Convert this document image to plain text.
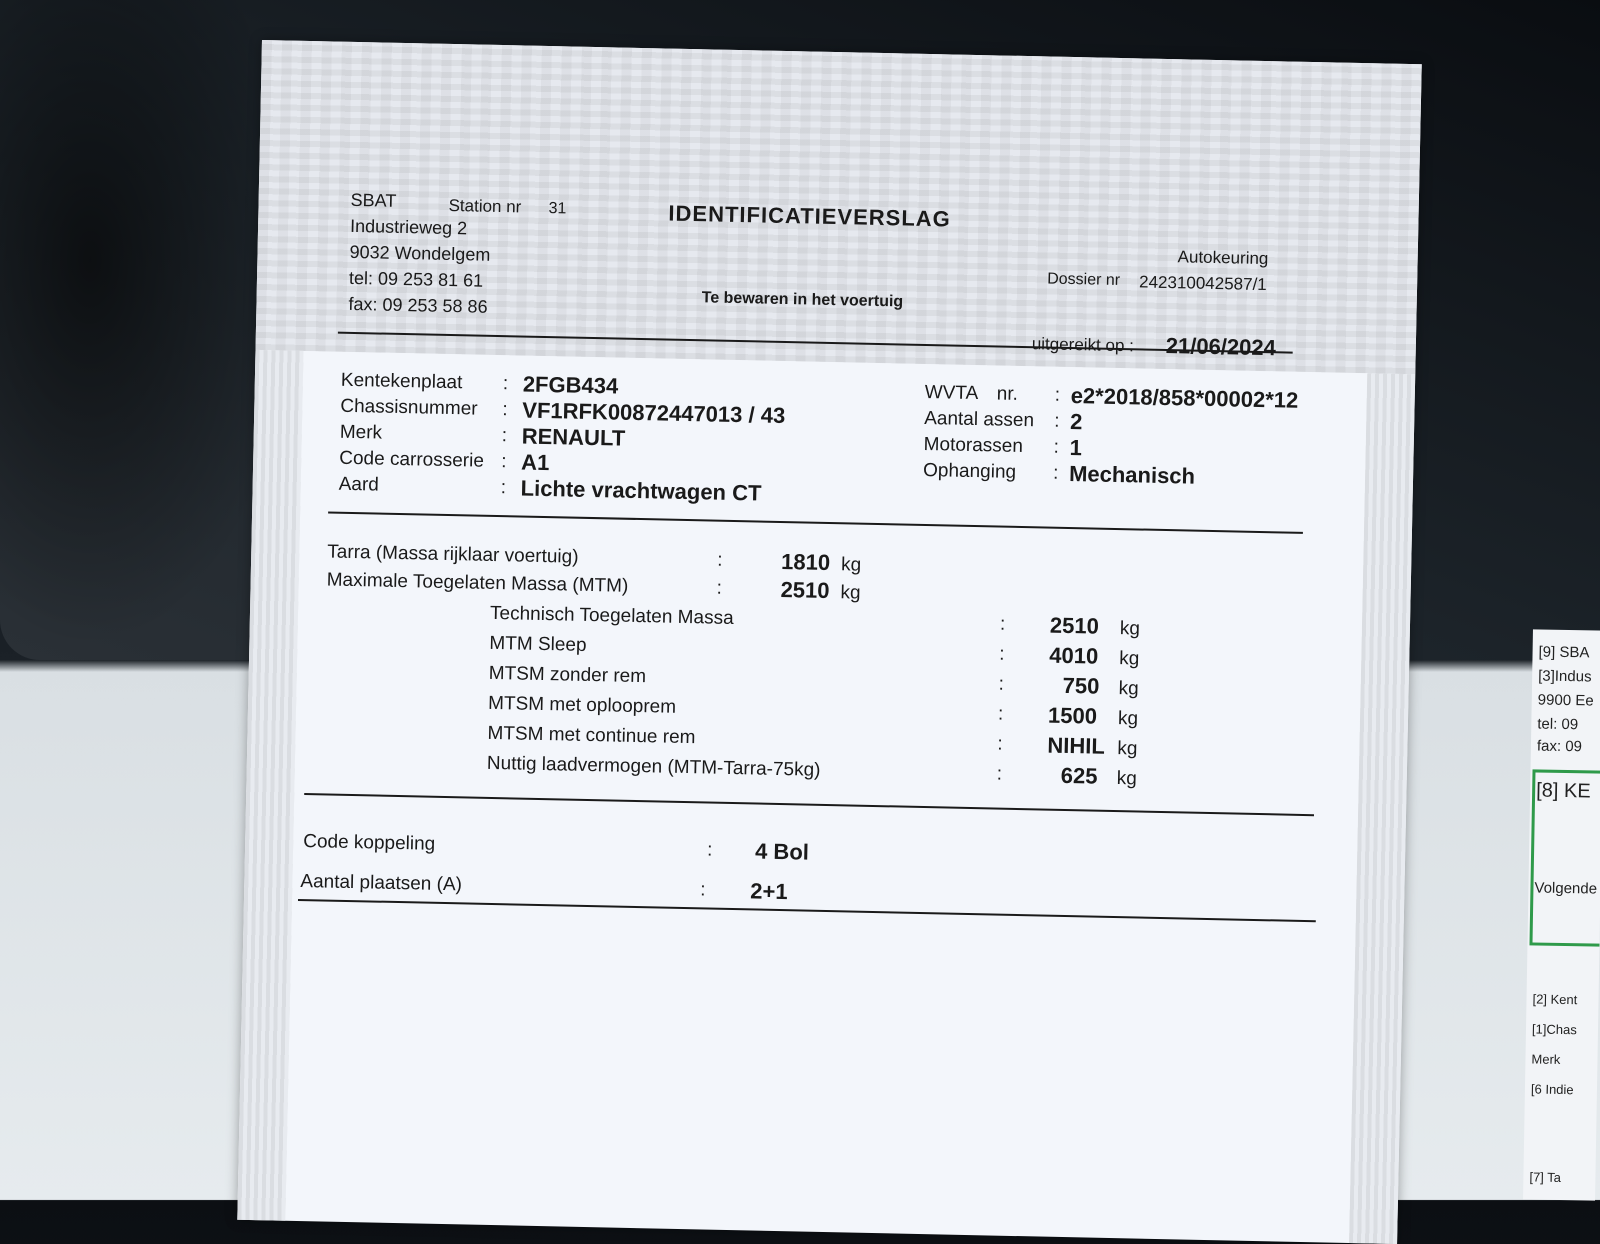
SBAT	Station nr 31
Industrieweg 2
9032 Wondelgem
tel: 09 253 81 61
fax: 09 253 58 86
IDENTIFICATIEVERSLAG
Te bewaren in het voertuig
Autokeuring
Dossier nr 242310042587/1
uitgereikt op : 21/06/2024
Kentekenplaat : 2FGB434
Chassisnummer : VF1RFK00872447013 / 43
Merk	: RENAULT
Code carrosserie : A1
Aard	: Lichte vrachtwagen CT
WVTA nr. : e2*2018/858*00002*12
Aantal assen : 2
Motorassen : 1
Ophanging : Mechanisch
Tarra (Massa rijklaar voertuig)	:	1810 kg
Maximale Toegelaten Massa (MTM)	:	2510 kg
Technisch Toegelaten Massa	: 2510 kg
MTM Sleep	: 4010 kg
MTSM zonder rem	:	750 kg
MTSM met oplooprem	: 1500 kg
MTSM met continue rem	: NIHIL kg
Nuttig laadvermogen (MTM-Tarra-75kg)	:	625 kg
Code koppeling	: 4 Bol
Aantal plaatsen (A)	: 2+1
[9] SBA
[3]Indus
9900 Ee
tel: 09
fax: 09
[8] KE
Volgende
[2] Kent
[1]Chas
Merk
[6 Indie
[7] Ta
